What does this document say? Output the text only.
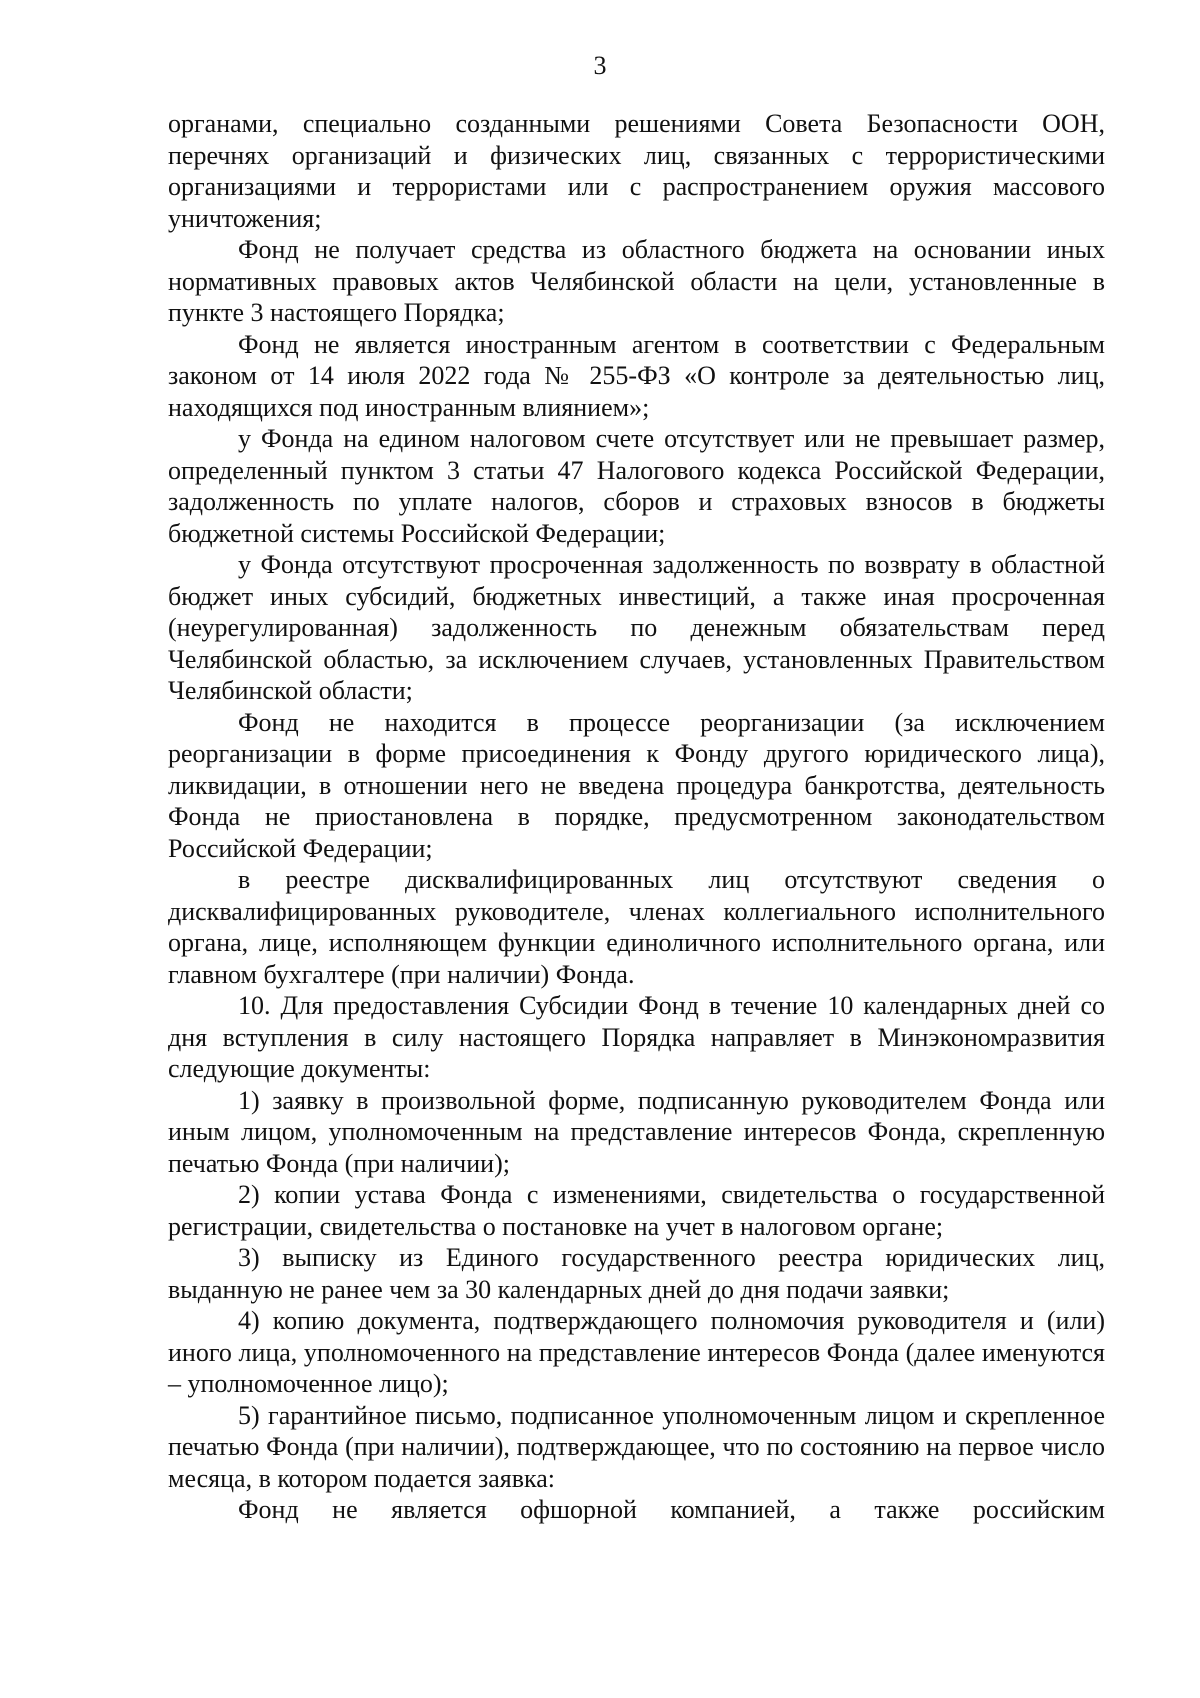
3

органами, специально созданными решениями Совета Безопасности ООН, перечнях организаций и физических лиц, связанных с террористическими организациями и террористами или с распространением оружия массового уничтожения;

Фонд не получает средства из областного бюджета на основании иных нормативных правовых актов Челябинской области на цели, установленные в пункте 3 настоящего Порядка;

Фонд не является иностранным агентом в соответствии с Федеральным законом от 14 июля 2022 года № 255-ФЗ «О контроле за деятельностью лиц, находящихся под иностранным влиянием»;

у Фонда на едином налоговом счете отсутствует или не превышает размер, определенный пунктом 3 статьи 47 Налогового кодекса Российской Федерации, задолженность по уплате налогов, сборов и страховых взносов в бюджеты бюджетной системы Российской Федерации;

у Фонда отсутствуют просроченная задолженность по возврату в областной бюджет иных субсидий, бюджетных инвестиций, а также иная просроченная (неурегулированная) задолженность по денежным обязательствам перед Челябинской областью, за исключением случаев, установленных Правительством Челябинской области;

Фонд не находится в процессе реорганизации (за исключением реорганизации в форме присоединения к Фонду другого юридического лица), ликвидации, в отношении него не введена процедура банкротства, деятельность Фонда не приостановлена в порядке, предусмотренном законодательством Российской Федерации;

в реестре дисквалифицированных лиц отсутствуют сведения о дисквалифицированных руководителе, членах коллегиального исполнительного органа, лице, исполняющем функции единоличного исполнительного органа, или главном бухгалтере (при наличии) Фонда.

10. Для предоставления Субсидии Фонд в течение 10 календарных дней со дня вступления в силу настоящего Порядка направляет в Минэкономразвития следующие документы:

1) заявку в произвольной форме, подписанную руководителем Фонда или иным лицом, уполномоченным на представление интересов Фонда, скрепленную печатью Фонда (при наличии);

2) копии устава Фонда с изменениями, свидетельства о государственной регистрации, свидетельства о постановке на учет в налоговом органе;

3) выписку из Единого государственного реестра юридических лиц, выданную не ранее чем за 30 календарных дней до дня подачи заявки;

4) копию документа, подтверждающего полномочия руководителя и (или) иного лица, уполномоченного на представление интересов Фонда (далее именуются – уполномоченное лицо);

5) гарантийное письмо, подписанное уполномоченным лицом и скрепленное печатью Фонда (при наличии), подтверждающее, что по состоянию на первое число месяца, в котором подается заявка:

Фонд не является офшорной компанией, а также российским
